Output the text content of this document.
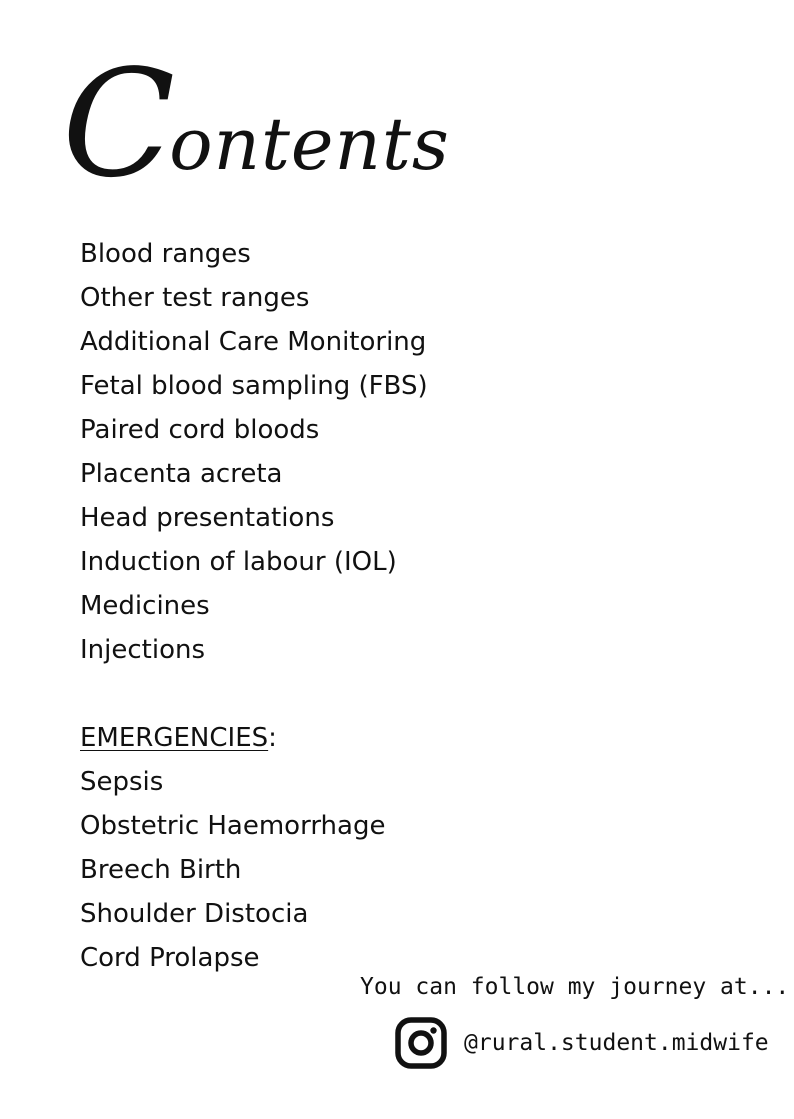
Contents
Blood ranges
Other test ranges
Additional Care Monitoring
Fetal blood sampling (FBS)
Paired cord bloods
Placenta acreta
Head presentations
Induction of labour (IOL)
Medicines
Injections
EMERGENCIES:
Sepsis
Obstetric Haemorrhage
Breech Birth
Shoulder Distocia
Cord Prolapse
You can follow my journey at...
@rural.student.midwife
